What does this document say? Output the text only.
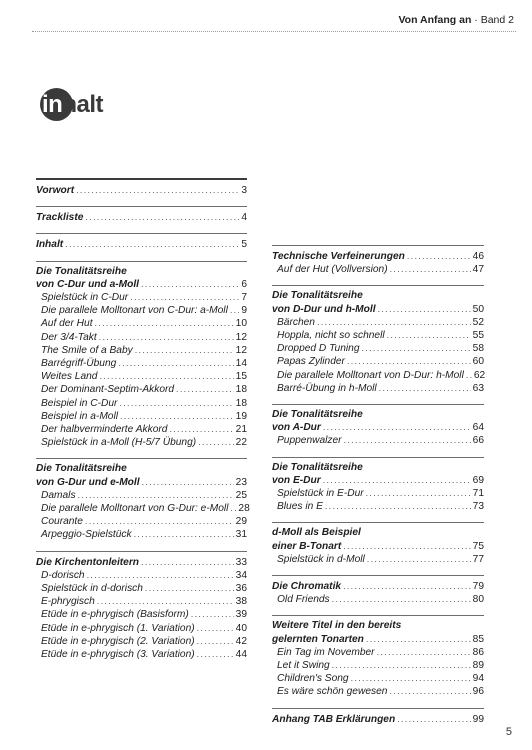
Von Anfang an · Band 2
inhalt
Vorwort .....	3
Trackliste .....	4
Inhalt .....	5
Die Tonalitätsreihe
von C-Dur und a-Moll .....	6
Spielstück in C-Dur .....	7
Die parallele Molltonart von C-Dur: a-Moll ..... 9
Auf der Hut .....	10
Der 3/4-Takt .....	12
The Smile of a Baby .....	12
Barrégriff-Übung .....	14
Weites Land .....	15
Der Dominant-Septim-Akkord .....	18
Beispiel in C-Dur .....	18
Beispiel in a-Moll .....	19
Der halbverminderte Akkord .....	21
Spielstück in a-Moll (H-5/7 Übung) .....	22
Die Tonalitätsreihe
von G-Dur und e-Moll .....	23
Damals .....	25
Die parallele Molltonart von G-Dur: e-Moll ..... 28
Courante .....	29
Arpeggio-Spielstück .....	31
Die Kirchentonleitern .....	33
D-dorisch .....	34
Spielstück in d-dorisch .....	36
E-phrygisch .....	38
Etüde in e-phrygisch (Basisform) .....	39
Etüde in e-phrygisch (1. Variation) .....	40
Etüde in e-phrygisch (2. Variation) .....	42
Etüde in e-phrygisch (3. Variation) .....	44
Technische Verfeinerungen .....	46
Auf der Hut (Vollversion) .....	47
Die Tonalitätsreihe
von D-Dur und h-Moll .....	50
Bärchen .....	52
Hoppla, nicht so schnell .....	55
Dropped D Tuning .....	58
Papas Zylinder .....	60
Die parallele Molltonart von D-Dur: h-Moll ..... 62
Barré-Übung in h-Moll .....	63
Die Tonalitätsreihe
von A-Dur .....	64
Puppenwalzer .....	66
Die Tonalitätsreihe
von E-Dur .....	69
Spielstück in E-Dur .....	71
Blues in E .....	73
d-Moll als Beispiel
einer B-Tonart .....	75
Spielstück in d-Moll .....	77
Die Chromatik .....	79
Old Friends .....	80
Weitere Titel in den bereits
gelernten Tonarten .....	85
Ein Tag im November .....	86
Let it Swing .....	89
Children's Song .....	94
Es wäre schön gewesen .....	96
Anhang TAB Erklärungen .....	99
5
